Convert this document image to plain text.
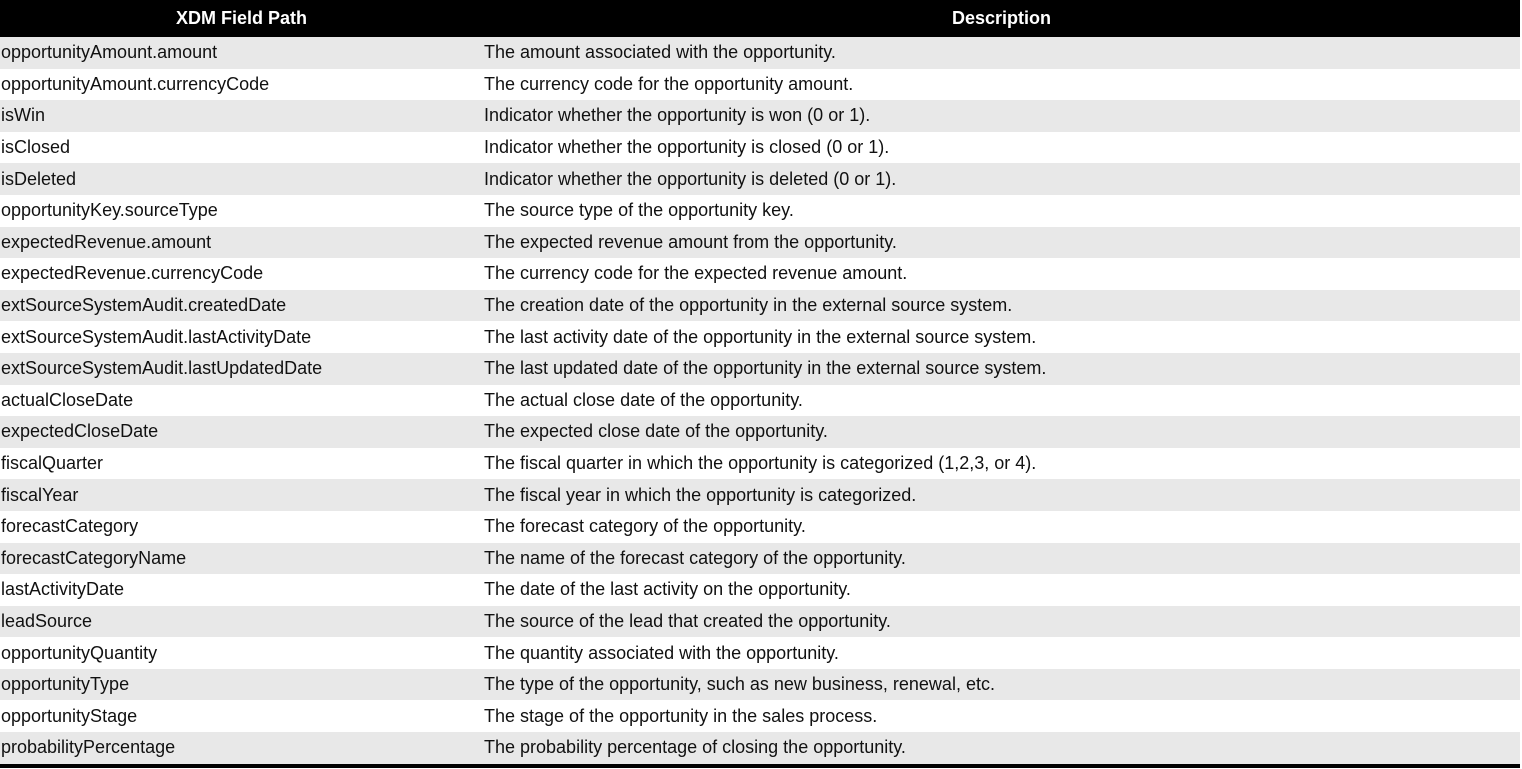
XDM Field Path	Description
opportunityAmount.amount	The amount associated with the opportunity.
opportunityAmount.currencyCode	The currency code for the opportunity amount.
isWin	Indicator whether the opportunity is won (0 or 1).
isClosed	Indicator whether the opportunity is closed (0 or 1).
isDeleted	Indicator whether the opportunity is deleted (0 or 1).
opportunityKey.sourceType	The source type of the opportunity key.
expectedRevenue.amount	The expected revenue amount from the opportunity.
expectedRevenue.currencyCode	The currency code for the expected revenue amount.
extSourceSystemAudit.createdDate	The creation date of the opportunity in the external source system.
extSourceSystemAudit.lastActivityDate	The last activity date of the opportunity in the external source system.
extSourceSystemAudit.lastUpdatedDate	The last updated date of the opportunity in the external source system.
actualCloseDate	The actual close date of the opportunity.
expectedCloseDate	The expected close date of the opportunity.
fiscalQuarter	The fiscal quarter in which the opportunity is categorized (1,2,3, or 4).
fiscalYear	The fiscal year in which the opportunity is categorized.
forecastCategory	The forecast category of the opportunity.
forecastCategoryName	The name of the forecast category of the opportunity.
lastActivityDate	The date of the last activity on the opportunity.
leadSource	The source of the lead that created the opportunity.
opportunityQuantity	The quantity associated with the opportunity.
opportunityType	The type of the opportunity, such as new business, renewal, etc.
opportunityStage	The stage of the opportunity in the sales process.
probabilityPercentage	The probability percentage of closing the opportunity.
